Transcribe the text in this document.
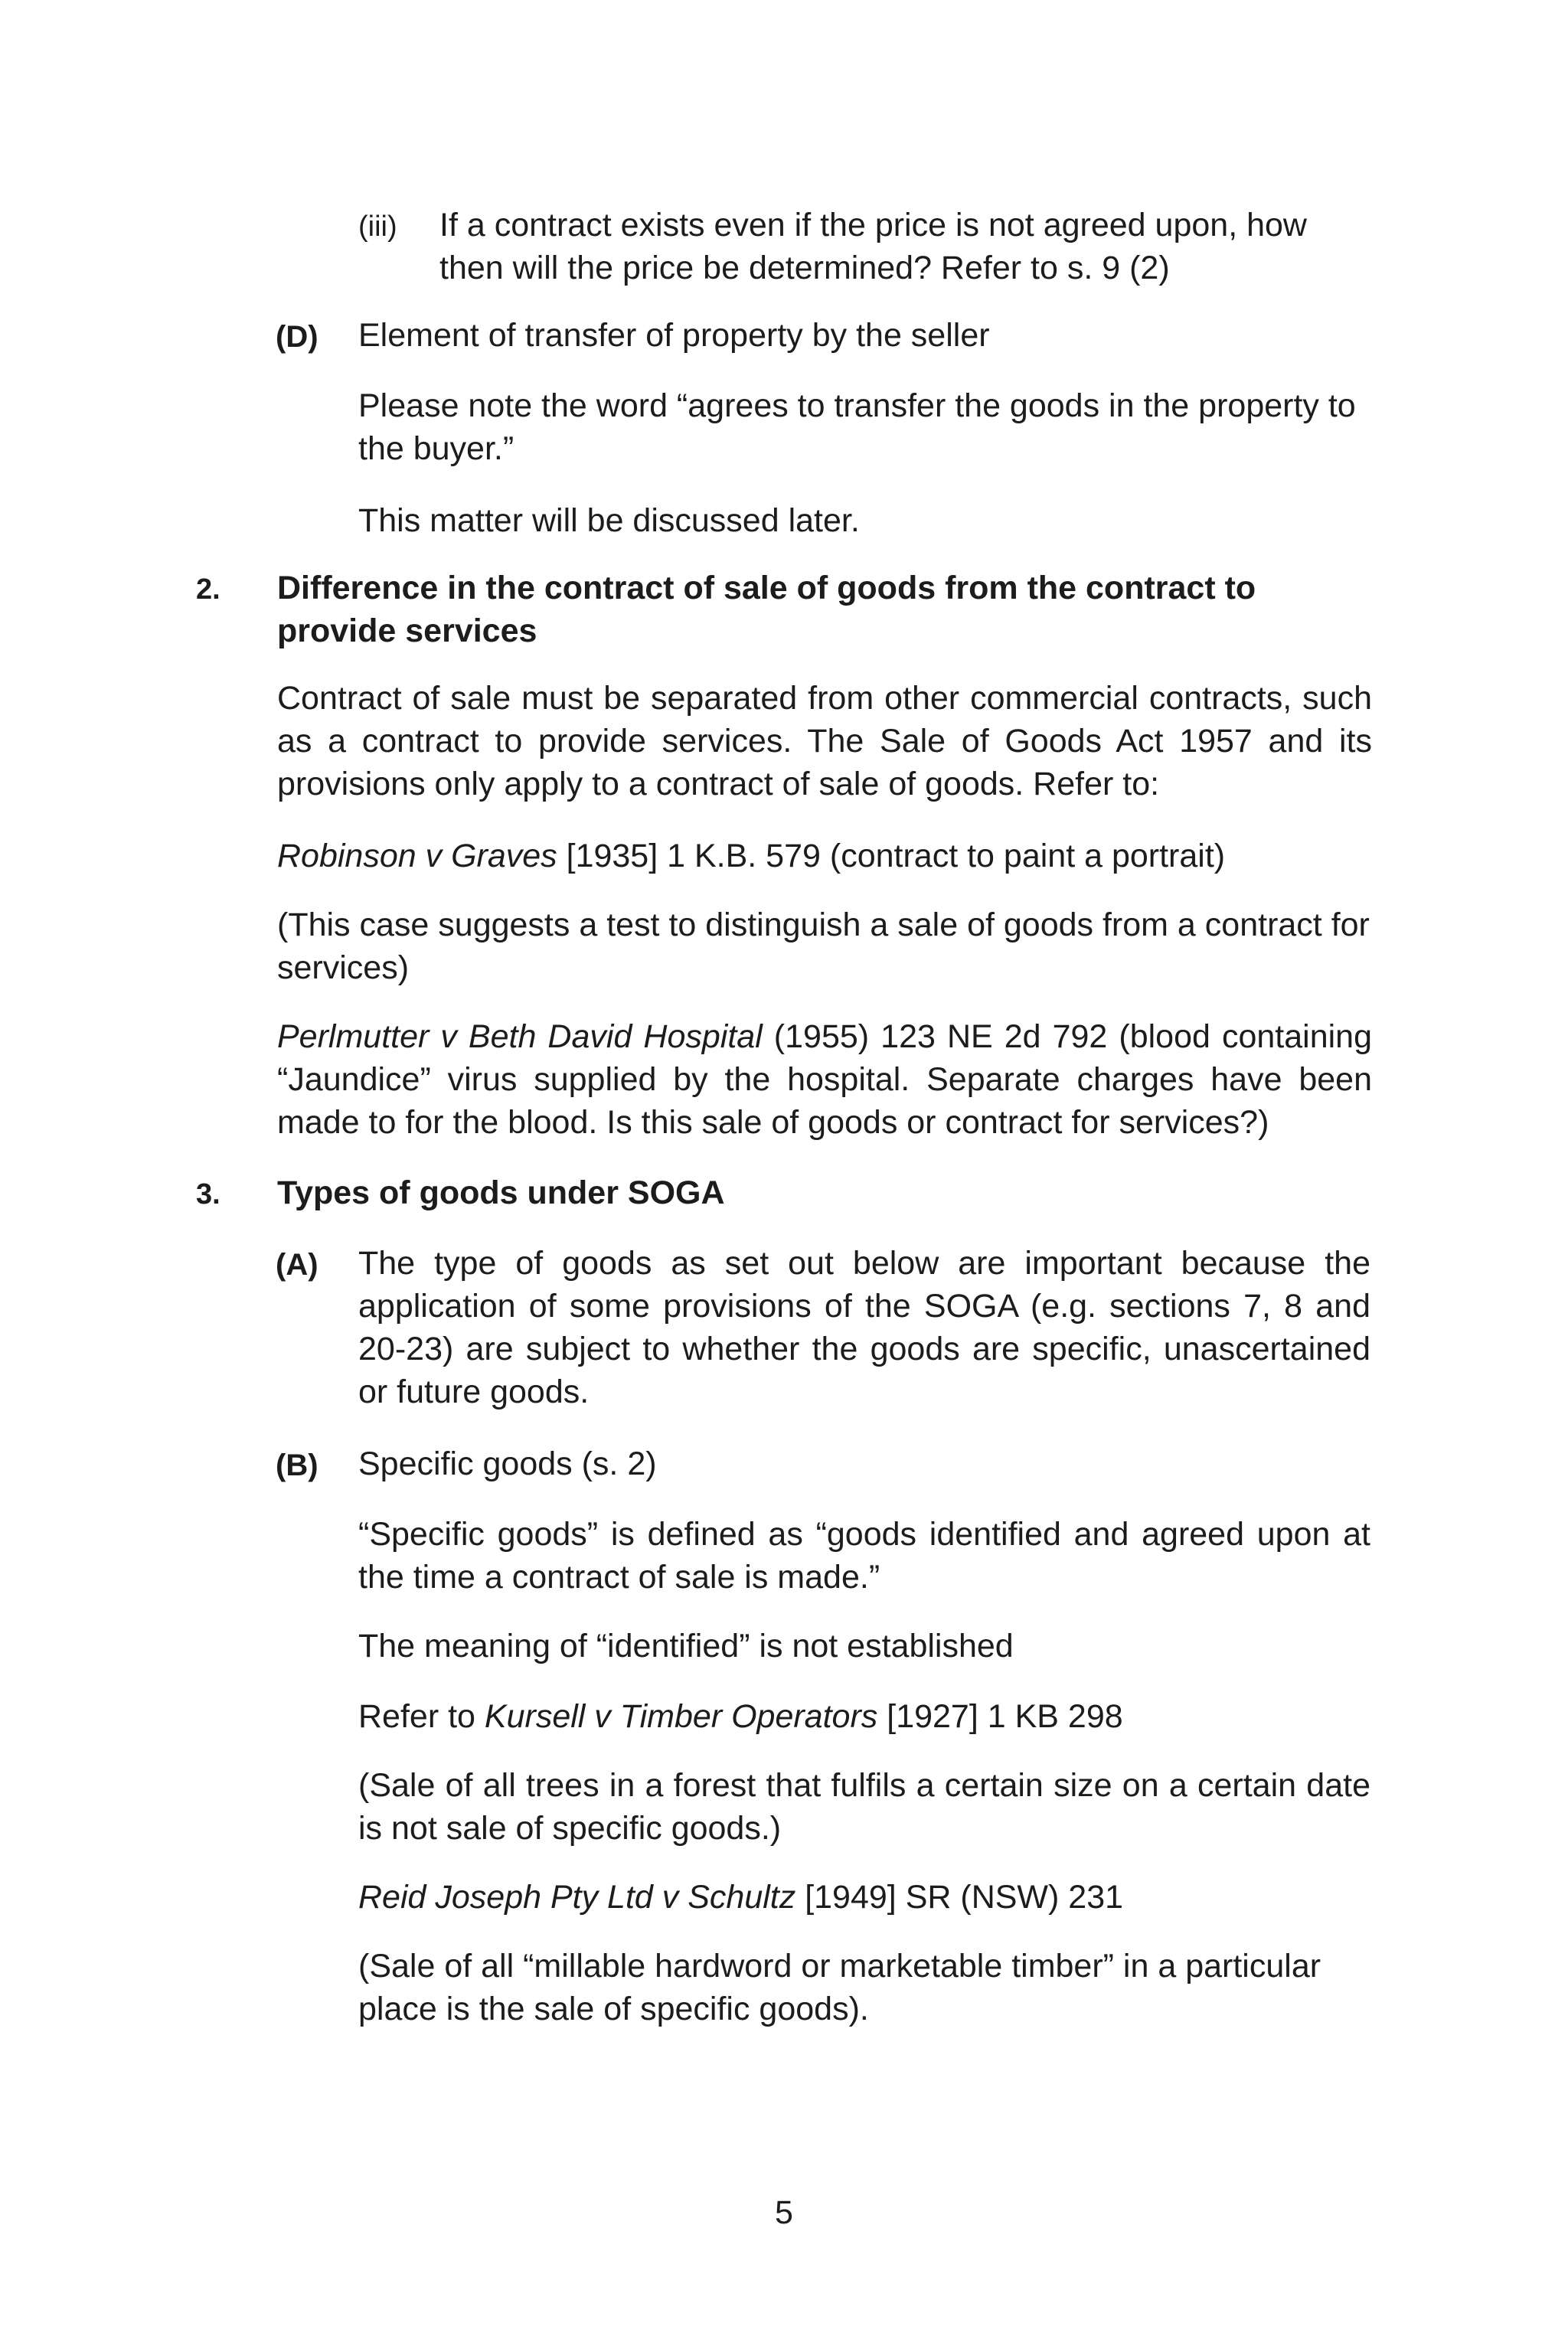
(iii) If a contract exists even if the price is not agreed upon, how

then will the price be determined? Refer to s. 9 (2)

(D) Element of transfer of property by the seller

Please note the word “agrees to transfer the goods in the property to the buyer.”

This matter will be discussed later.

2. Difference in the contract of sale of goods from the contract to provide services

Contract of sale must be separated from other commercial contracts, such as a contract to provide services. The Sale of Goods Act 1957 and its provisions only apply to a contract of sale of goods. Refer to:

Robinson v Graves [1935] 1 K.B. 579 (contract to paint a portrait)

(This case suggests a test to distinguish a sale of goods from a contract for services)

Perlmutter v Beth David Hospital (1955) 123 NE 2d 792 (blood containing “Jaundice” virus supplied by the hospital. Separate charges have been made to for the blood. Is this sale of goods or contract for services?)

3. Types of goods under SOGA
(A) The type of goods as set out below are important because the application of some provisions of the SOGA (e.g. sections 7, 8 and 20-23) are subject to whether the goods are specific, unascertained or future goods.

(B) Specific goods (s. 2)

“Specific goods” is defined as “goods identified and agreed upon at the time a contract of sale is made.”

The meaning of “identified” is not established

Refer to Kursell v Timber Operators [1927] 1 KB 298

(Sale of all trees in a forest that fulfils a certain size on a certain date is not sale of specific goods.)

Reid Joseph Pty Ltd v Schultz [1949] SR (NSW) 231

(Sale of all “millable hardword or marketable timber” in a particular place is the sale of specific goods).

5
